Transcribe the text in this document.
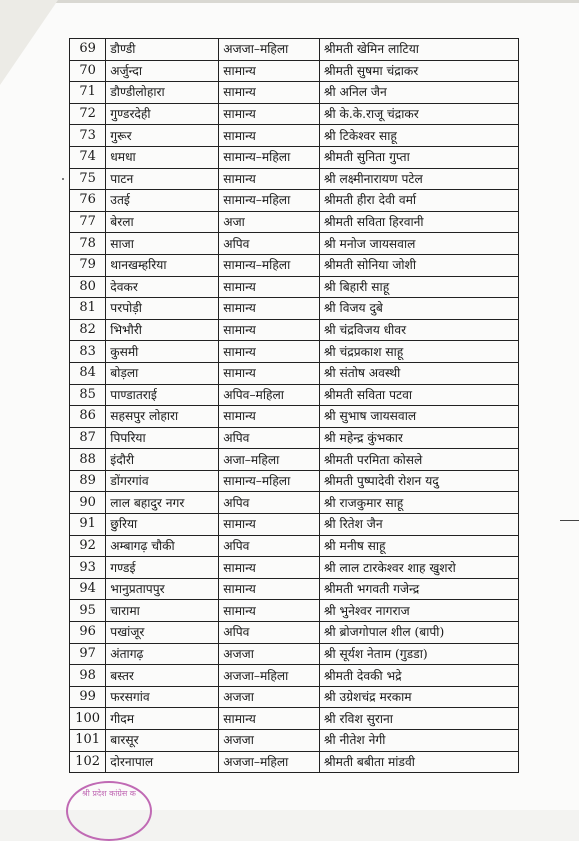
69	डौण्डी	अजजा–महिला	श्रीमती खेमिन लाटिया
70	अर्जुन्दा	सामान्य	श्रीमती सुषमा चंद्राकर
71	डौण्डीलोहारा	सामान्य	श्री अनिल जैन
72	गुण्डरदेही	सामान्य	श्री के.के.राजू चंद्राकर
73	गुरूर	सामान्य	श्री टिकेश्वर साहू
74	धमधा	सामान्य–महिला	श्रीमती सुनिता गुप्ता
75	पाटन	सामान्य	श्री लक्ष्मीनारायण पटेल
76	उतई	सामान्य–महिला	श्रीमती हीरा देवी वर्मा
77	बेरला	अजा	श्रीमती सविता हिरवानी
78	साजा	अपिव	श्री मनोज जायसवाल
79	थानखम्हरिया	सामान्य–महिला	श्रीमती सोनिया जोशी
80	देवकर	सामान्य	श्री बिहारी साहू
81	परपोड़ी	सामान्य	श्री विजय दुबे
82	भिभौरी	सामान्य	श्री चंद्रविजय धीवर
83	कुसमी	सामान्य	श्री चंद्रप्रकाश साहू
84	बोड़ला	सामान्य	श्री संतोष अवस्थी
85	पाण्डातराई	अपिव–महिला	श्रीमती सविता पटवा
86	सहसपुर लोहारा	सामान्य	श्री सुभाष जायसवाल
87	पिपरिया	अपिव	श्री महेन्द्र कुंभकार
88	इंदौरी	अजा–महिला	श्रीमती परमिता कोसले
89	डोंगरगांव	सामान्य–महिला	श्रीमती पुष्पादेवी रोशन यदु
90	लाल बहादुर नगर	अपिव	श्री राजकुमार साहू
91	छुरिया	सामान्य	श्री रितेश जैन
92	अम्बागढ़ चौकी	अपिव	श्री मनीष साहू
93	गण्डई	सामान्य	श्री लाल टारकेश्वर शाह खुशरो
94	भानुप्रतापपुर	सामान्य	श्रीमती भगवती गजेन्द्र
95	चारामा	सामान्य	श्री भुनेश्वर नागराज
96	पखांजूर	अपिव	श्री ब्रोजगोपाल शील (बापी)
97	अंतागढ़	अजजा	श्री सूर्यश नेताम (गुडडा)
98	बस्तर	अजजा–महिला	श्रीमती देवकी भद्रे
99	फरसगांव	अजजा	श्री उग्रेशचंद्र मरकाम
100	गीदम	सामान्य	श्री रविश सुराना
101	बारसूर	अजजा	श्री नीतेश नेगी
102	दोरनापाल	अजजा–महिला	श्रीमती बबीता मांडवी
श्री प्रदेश कांग्रेस क
